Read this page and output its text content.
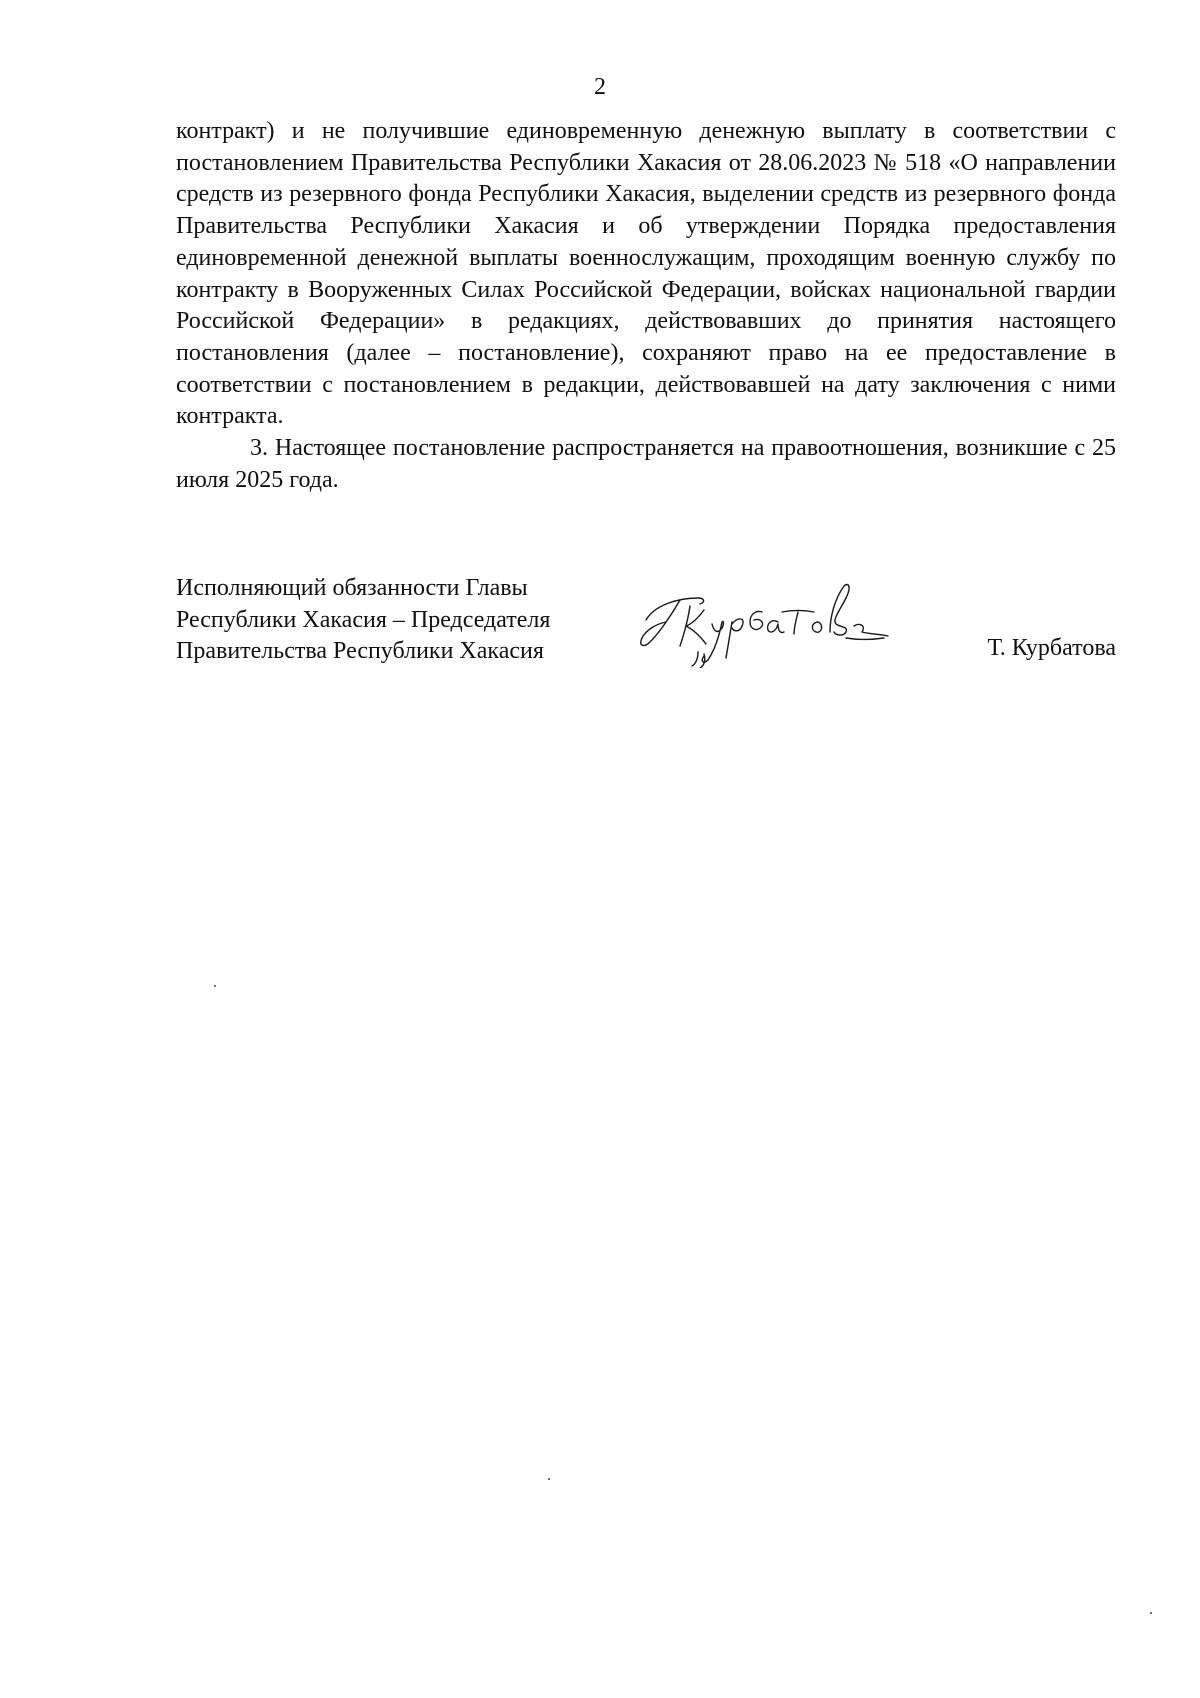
2

контракт) и не получившие единовременную денежную выплату в соответствии с постановлением Правительства Республики Хакасия от 28.06.2023 № 518 «О направлении средств из резервного фонда Республики Хакасия, выделении средств из резервного фонда Правительства Республики Хакасия и об утверждении Порядка предоставления единовременной денежной выплаты военнослужащим, проходящим военную службу по контракту в Вооруженных Силах Российской Федерации, войсках национальной гвардии Российской Федерации» в редакциях, действовавших до принятия настоящего постановления (далее – постановление), сохраняют право на ее предоставление в соответствии с постановлением в редакции, действовавшей на дату заключения с ними контракта.

3. Настоящее постановление распространяется на правоотношения, возникшие с 25 июля 2025 года.

Исполняющий обязанности Главы
Республики Хакасия – Председателя
Правительства Республики Хакасия	Т. Курбатова
